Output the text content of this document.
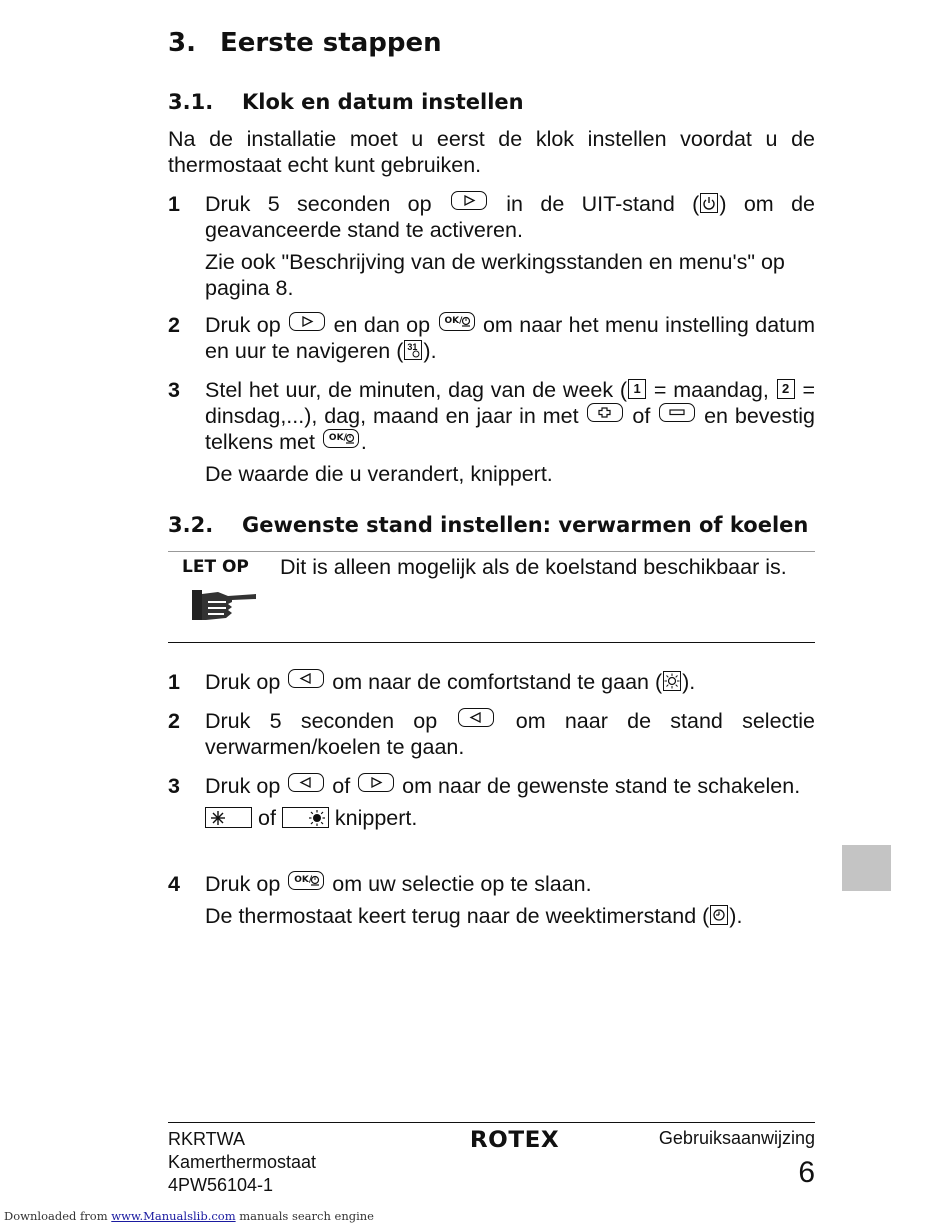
3. Eerste stappen
3.1. Klok en datum instellen

Na de installatie moet u eerst de klok instellen voordat u de thermostaat echt kunt gebruiken.

1 Druk 5 seconden op	in de UIT-stand ( ) om de geavanceerde stand te activeren.
Zie ook "Beschrijving van de werkingsstanden en menu's" op pagina 8.
2 Druk op en dan op OK/ om naar het menu instelling datum en uur te navigeren ( 31 ).
3 Stel het uur, de minuten, dag van de week ( 1 = maandag,	2 = dinsdag,...), dag, maand en jaar in met	of	en bevestig telkens met OK/ .
De waarde die u verandert, knippert.
3.2. Gewenste stand instellen: verwarmen of koelen
LET OP Dit is alleen mogelijk als de koelstand beschikbaar is.
1 Druk op om naar de comfortstand te gaan ( ).
2 Druk 5 seconden op	om naar de stand selectie verwarmen/koelen te gaan.
3 Druk op of om naar de gewenste stand te schakelen.
of	knippert.
4 Druk op OK/ om uw selectie op te slaan.
De thermostaat keert terug naar de weektimerstand ( ).
RKRTWA
Kamerthermostaat
4PW56104-1
ROTEX	Gebruiksaanwijzing
6
Downloaded from www.Manualslib.com manuals search engine
